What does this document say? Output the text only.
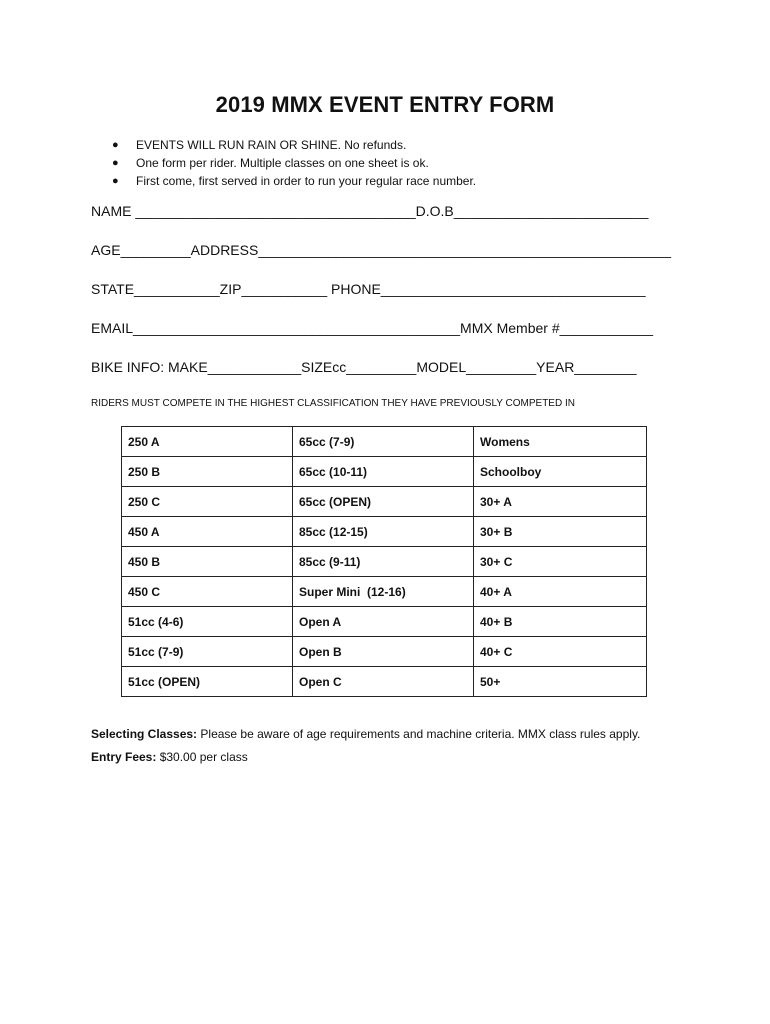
2019 MMX EVENT ENTRY FORM
● EVENTS WILL RUN RAIN OR SHINE. No refunds.
● One form per rider. Multiple classes on one sheet is ok.
● First come, first served in order to run your regular race number.
NAME ____________________________________D.O.B_________________________
AGE_________ADDRESS_____________________________________________________
STATE___________ZIP___________ PHONE__________________________________
EMAIL__________________________________________MMX Member #____________
BIKE INFO: MAKE____________SIZEcc_________MODEL_________YEAR________
RIDERS MUST COMPETE IN THE HIGHEST CLASSIFICATION THEY HAVE PREVIOUSLY COMPETED IN
250 A	65cc (7-9)	Womens
250 B	65cc (10-11)	Schoolboy
250 C	65cc (OPEN)	30+ A
450 A	85cc (12-15)	30+ B
450 B	85cc (9-11)	30+ C
450 C	Super Mini  (12-16)	40+ A
51cc (4-6)	Open A	40+ B
51cc (7-9)	Open B	40+ C
51cc (OPEN)	Open C	50+
Selecting Classes: Please be aware of age requirements and machine criteria. MMX class rules apply.
Entry Fees: $30.00 per class
